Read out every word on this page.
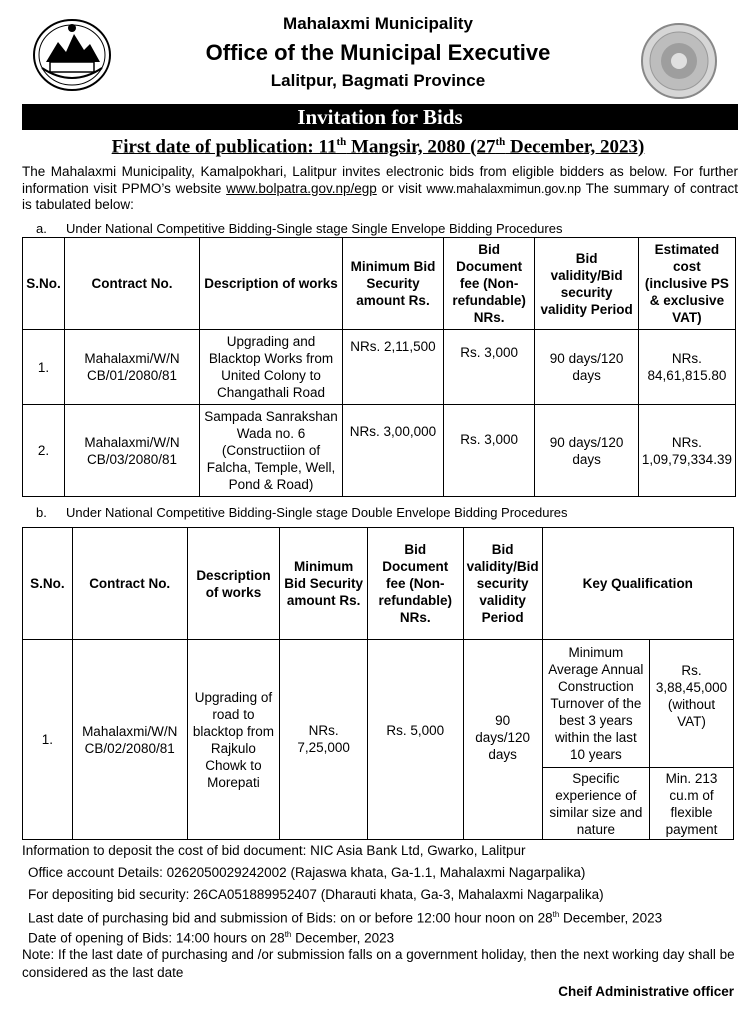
Mahalaxmi Municipality
Office of the Municipal Executive
Lalitpur, Bagmati Province
Invitation for Bids
First date of publication: 11th Mangsir, 2080 (27th December, 2023)
The Mahalaxmi Municipality, Kamalpokhari, Lalitpur invites electronic bids from eligible bidders as below. For further information visit PPMO’s website www.bolpatra.gov.np/egp or visit www.mahalaxmimun.gov.np The summary of contract is tabulated below:
a. Under National Competitive Bidding-Single stage Single Envelope Bidding Procedures
S.No.	Contract No.	Description of works	Minimum Bid Security amount Rs.	Bid Document fee (Non-refundable) NRs.	Bid validity/Bid security validity Period	Estimated cost (inclusive PS & exclusive VAT)
1.	Mahalaxmi/W/N CB/01/2080/81	Upgrading and Blacktop Works from United Colony to Changathali Road	NRs. 2,11,500	Rs. 3,000	90 days/120 days	NRs. 84,61,815.80
2.	Mahalaxmi/W/N CB/03/2080/81	Sampada Sanrakshan Wada no. 6 (Constructiion of Falcha, Temple, Well, Pond & Road)	NRs. 3,00,000	Rs. 3,000	90 days/120 days	NRs. 1,09,79,334.39
b. Under National Competitive Bidding-Single stage Double Envelope Bidding Procedures
S.No.	Contract No.	Description of works	Minimum Bid Security amount Rs.	Bid Document fee (Non-refundable) NRs.	Bid validity/Bid security validity Period	Key Qualification	
1.	Mahalaxmi/W/N CB/02/2080/81	Upgrading of road to blacktop from Rajkulo Chowk to Morepati	NRs. 7,25,000	Rs. 5,000	90 days/120 days	Minimum Average Annual Construction Turnover of the best 3 years within the last 10 years	Rs. 3,88,45,000 (without VAT)
						Specific experience of similar size and nature	Min. 213 cu.m of flexible payment
Information to deposit the cost of bid document: NIC Asia Bank Ltd, Gwarko, Lalitpur
Office account Details: 0262050029242002 (Rajaswa khata, Ga-1.1, Mahalaxmi Nagarpalika)
For depositing bid security: 26CA051889952407 (Dharauti khata, Ga-3, Mahalaxmi Nagarpalika)
Last date of purchasing bid and submission of Bids: on or before 12:00 hour noon on 28th December, 2023
Date of opening of Bids: 14:00 hours on 28th December, 2023
Note: If the last date of purchasing and /or submission falls on a government holiday, then the next working day shall be considered as the last date
Cheif Administrative officer
